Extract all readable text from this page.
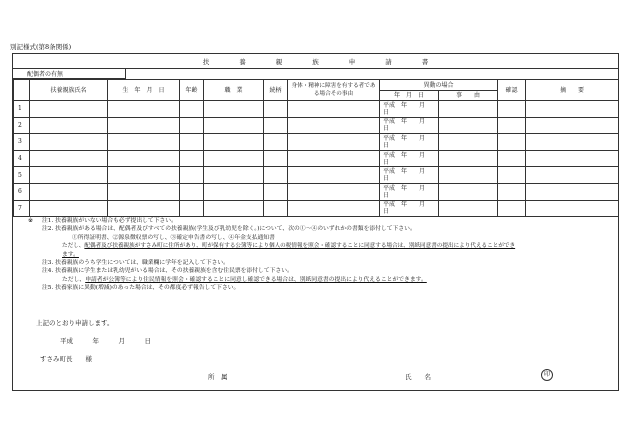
別記様式(第8条関係)
扶養親族申請書
配偶者の有無
	扶養親族氏名	生　年　月　日	年齢	職　業	続柄	身体・精神に障害を有する者である場合その事由	異動の場合		確認	摘　　要
							年　月　日	事　　由		
1							平成　 年　　月　　日			
2							平成　 年　　月　　日			
3							平成　 年　　月　　日			
4							平成　 年　　月　　日			
5							平成　 年　　月　　日			
6							平成　 年　　月　　日			
7							平成　 年　　月　　日			
※ 注1. 扶養親族がいない場合も必ず提出して下さい。
注2. 扶養親族がある場合は、配偶者及びすべての扶養親族(学生及び乳幼児を除く。)について、次の①～④のいずれかの書類を添付して下さい。
①所得証明書、②源泉徴収票の写し、③確定申告書の写し、④年金支払通知書
ただし、配偶者及び扶養親族がすさみ町に住所があり、町が保有する公簿等により個人の税情報を照会・確認することに同意する場合は、別紙同意書の提出により代えることができ
ます。
注3. 扶養親族のうち学生については、職業欄に学年を記入して下さい。
注4. 扶養親族に学生または乳幼児がいる場合は、その扶養親族を含む住民票を添付して下さい。
ただし、申請者が公簿等により住民情報を照会・確認することに同意し確認できる場合は、別紙同意書の提出により代えることができます。
注5. 扶養家族に異動(増減)のあった場合は、その都度必ず報告して下さい。
上記のとおり申請します。
平成　　　年　　　月　　　日
すさみ町長　　様
所　属	氏　　名	印
